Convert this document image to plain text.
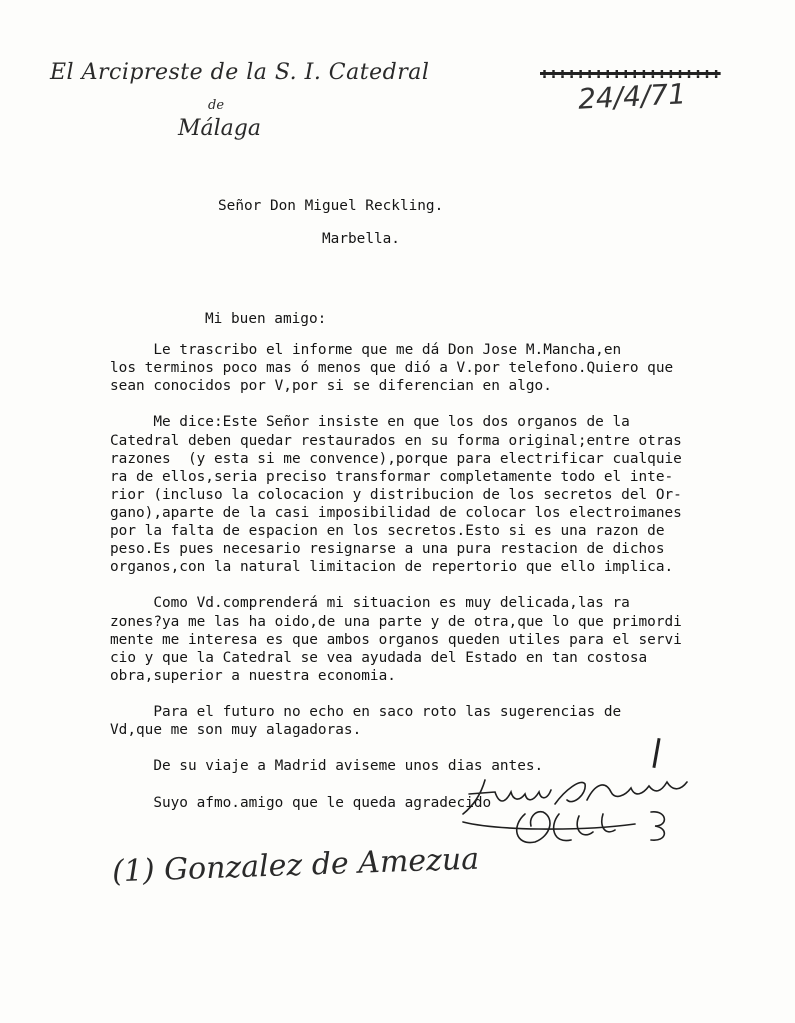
El Arcipreste de la S. I. Catedral
de
Málaga
::::::::::::::::::::
24/4/71
Señor Don Miguel Reckling.
Marbella.
Mi buen amigo:
Le trascribo el informe que me dá Don Jose M.Mancha,en
los terminos poco mas ó menos que dió a V.por telefono.Quiero que
sean conocidos por V,por si se diferencian en algo.
Me dice:Este Señor insiste en que los dos organos de la
Catedral deben quedar restaurados en su forma original;entre otras
razones  (y esta si me convence),porque para electrificar cualquie
ra de ellos,seria preciso transformar completamente todo el inte-
rior (incluso la colocacion y distribucion de los secretos del Or-
gano),aparte de la casi imposibilidad de colocar los electroimanes
por la falta de espacion en los secretos.Esto si es una razon de
peso.Es pues necesario resignarse a una pura restacion de dichos
organos,con la natural limitacion de repertorio que ello implica.
Como Vd.comprenderá mi situacion es muy delicada,las ra
zones?ya me las ha oido,de una parte y de otra,que lo que primordi
mente me interesa es que ambos organos queden utiles para el servi
cio y que la Catedral se vea ayudada del Estado en tan costosa
obra,superior a nuestra economia.
Para el futuro no echo en saco roto las sugerencias de
Vd,que me son muy alagadoras.
De su viaje a Madrid aviseme unos dias antes.
Suyo afmo.amigo que le queda agradecido
(1) Gonzalez de Amezua
